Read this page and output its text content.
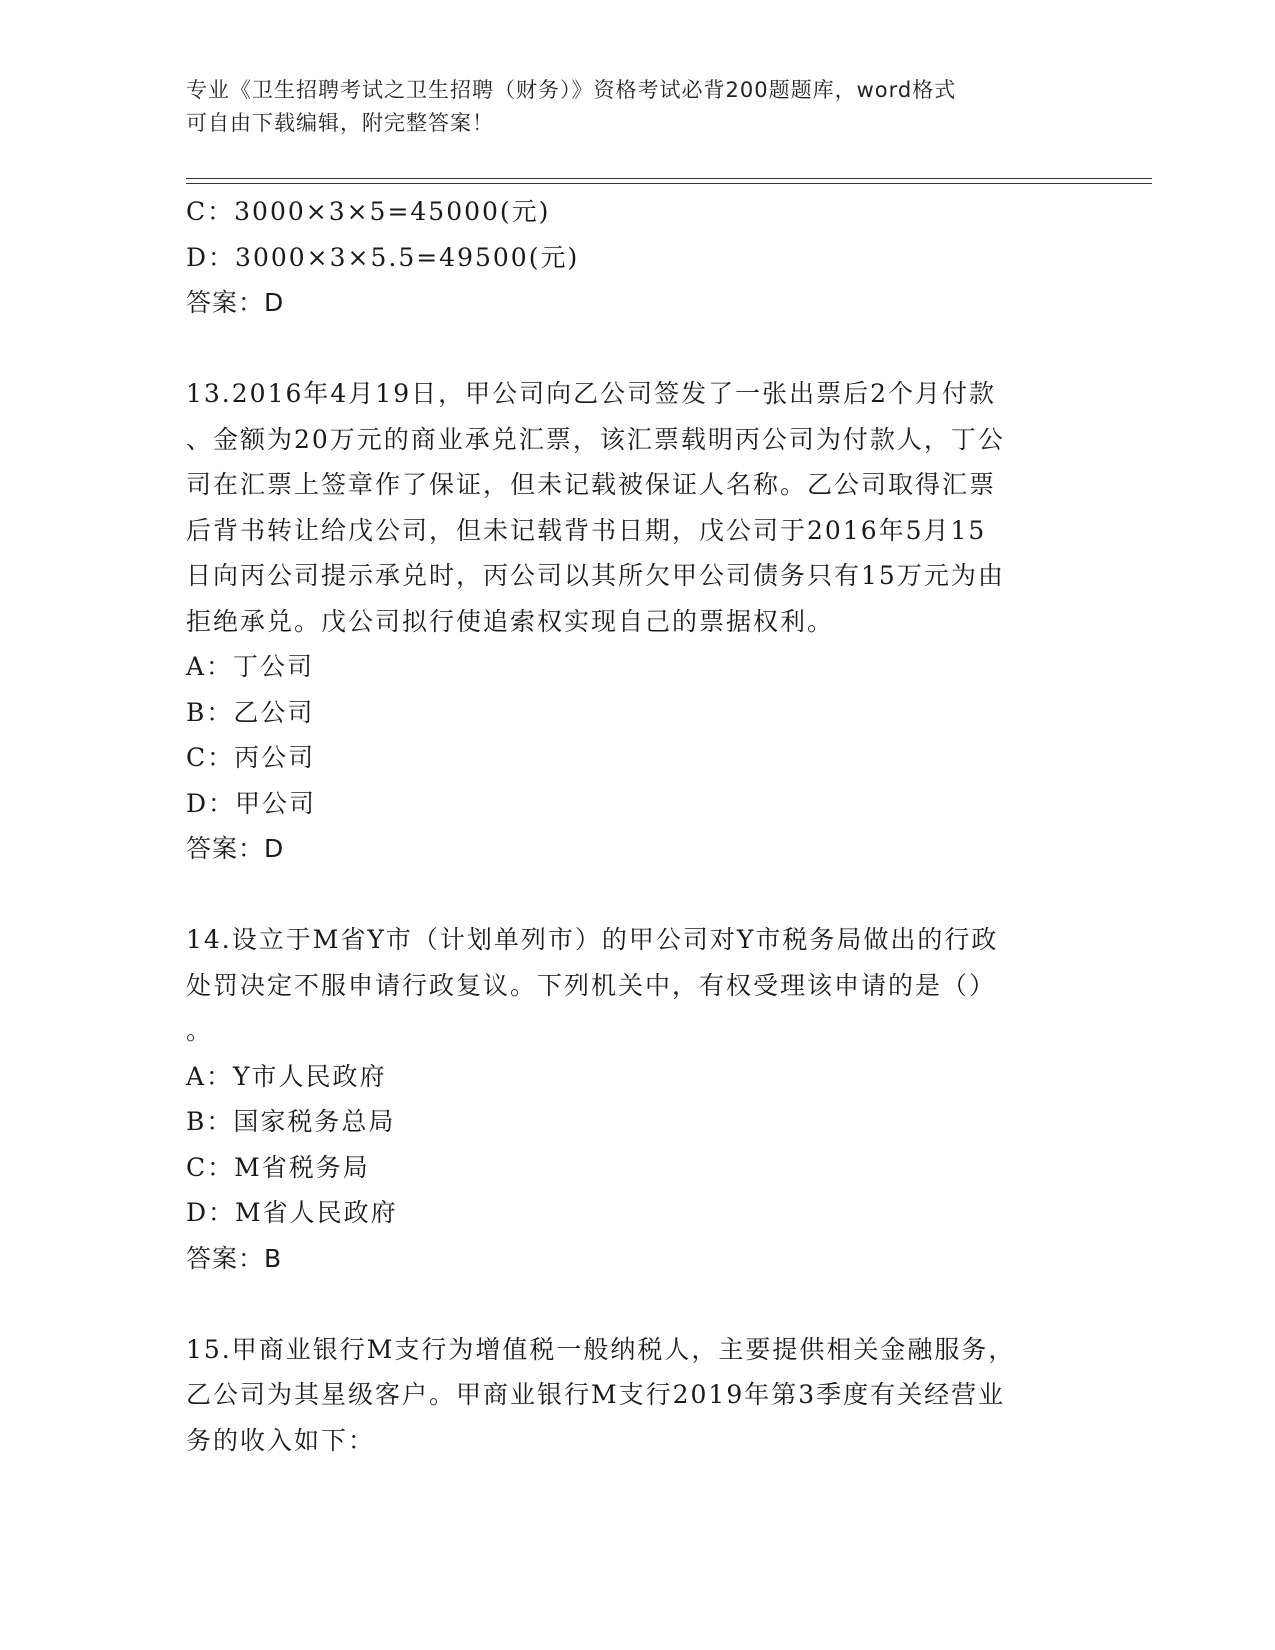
专业《卫生招聘考试之卫生招聘（财务）》资格考试必背200题题库，word格式
可自由下载编辑，附完整答案！
C：3000×3×5=45000(元)
D：3000×3×5.5=49500(元)
答案：D
13.2016年4月19日，甲公司向乙公司签发了一张出票后2个月付款
、金额为20万元的商业承兑汇票，该汇票载明丙公司为付款人，丁公
司在汇票上签章作了保证，但未记载被保证人名称。乙公司取得汇票
后背书转让给戊公司，但未记载背书日期，戊公司于2016年5月15
日向丙公司提示承兑时，丙公司以其所欠甲公司债务只有15万元为由
拒绝承兑。戊公司拟行使追索权实现自己的票据权利。
A：丁公司
B：乙公司
C：丙公司
D：甲公司
答案：D
14.设立于M省Y市（计划单列市）的甲公司对Y市税务局做出的行政
处罚决定不服申请行政复议。下列机关中，有权受理该申请的是（）
。
A：Y市人民政府
B：国家税务总局
C：M省税务局
D：M省人民政府
答案：B
15.甲商业银行M支行为增值税一般纳税人，主要提供相关金融服务，
乙公司为其星级客户。甲商业银行M支行2019年第3季度有关经营业
务的收入如下：
